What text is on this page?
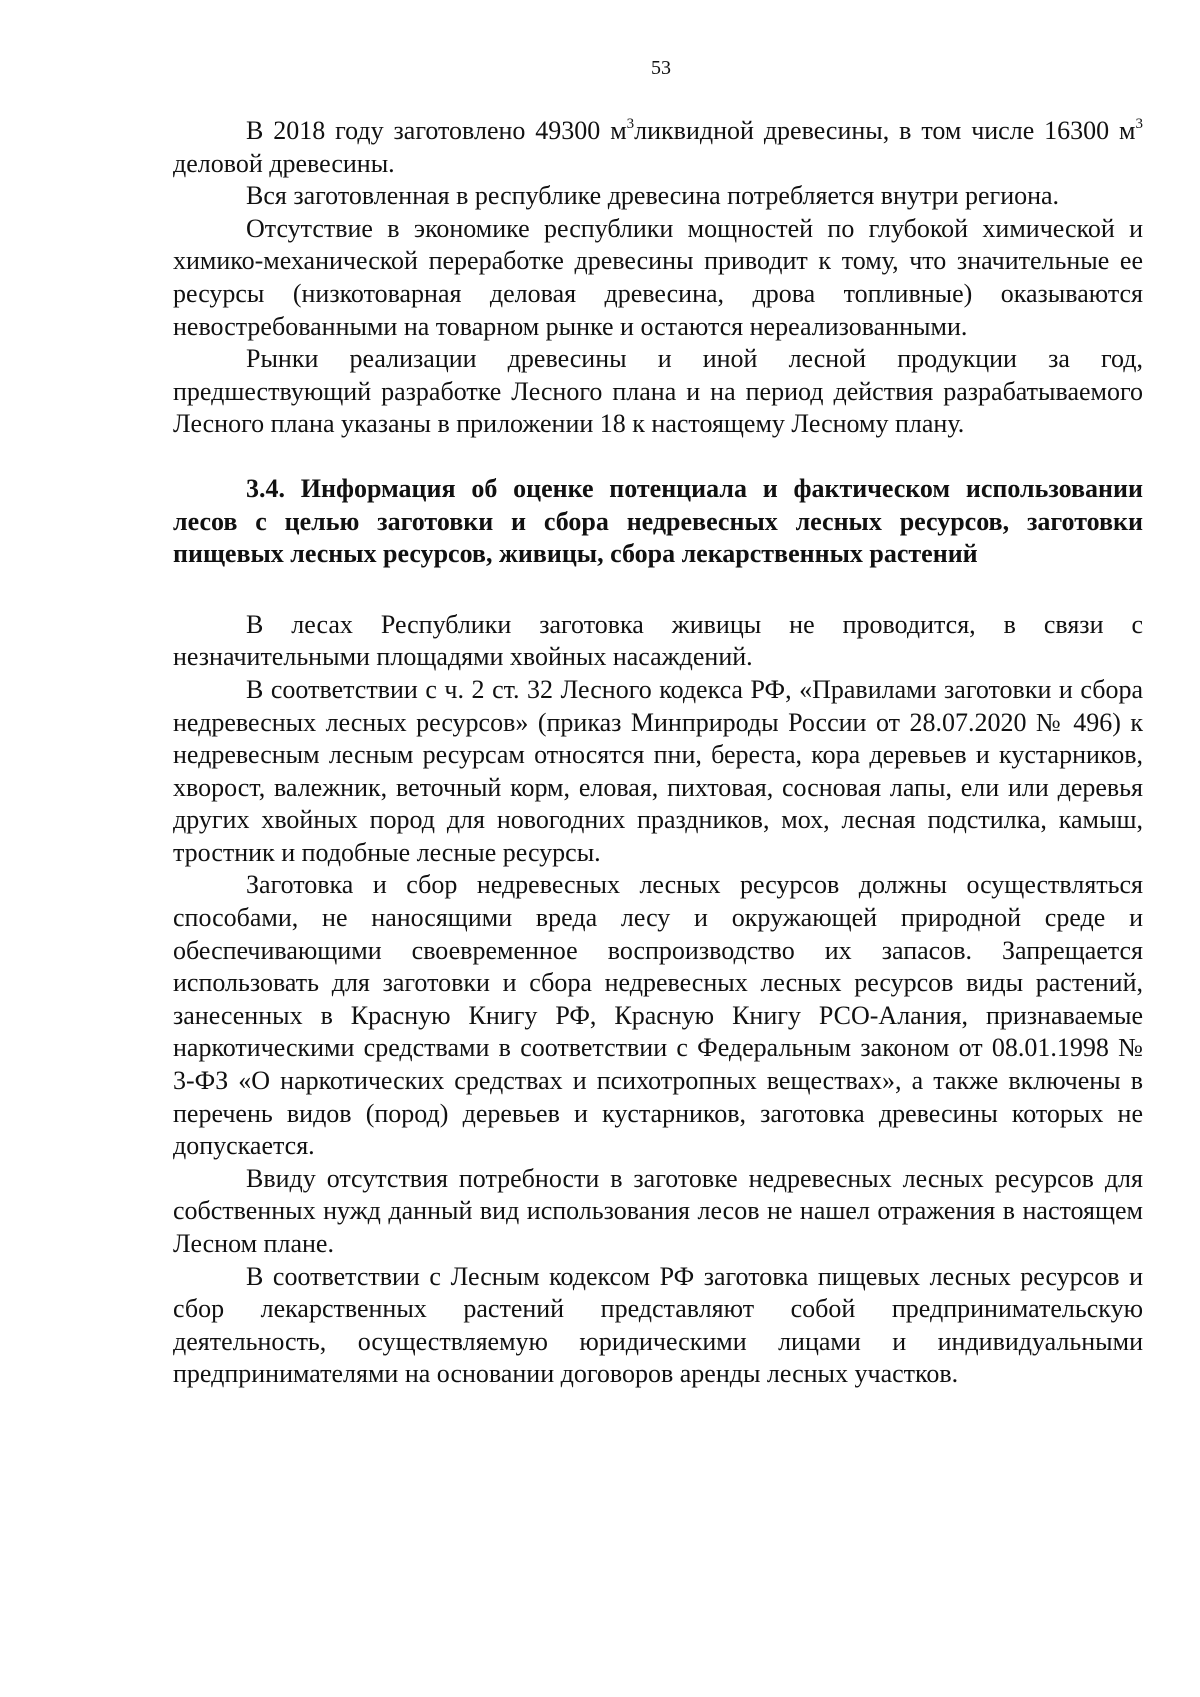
53

В 2018 году заготовлено 49300 $м^3ликвидной$ древесины, в том числе 16300 $м^3$ деловой древесины.

Вся заготовленная в республике древесина потребляется внутри региона.

Отсутствие в экономике республики мощностей по глубокой химической и химико-механической переработке древесины приводит к тому, что значительные ее ресурсы (низкотоварная деловая древесина, дрова топливные) оказываются невостребованными на товарном рынке и остаются нереализованными.

Рынки реализации древесины и иной лесной продукции за год, предшествующий разработке Лесного плана и на период действия разрабатываемого Лесного плана указаны в приложении 18 к настоящему Лесному плану.

3.4. Информация об оценке потенциала и фактическом использовании лесов с целью заготовки и сбора недревесных лесных ресурсов, заготовки пищевых лесных ресурсов, живицы, сбора лекарственных растений

В лесах Республики заготовка живицы не проводится, в связи с незначительными площадями хвойных насаждений.

В соответствии с ч. 2 ст. 32 Лесного кодекса РФ, «Правилами заготовки и сбора недревесных лесных ресурсов» (приказ Минприроды России от 28.07.2020 № 496) к недревесным лесным ресурсам относятся пни, береста, кора деревьев и кустарников, хворост, валежник, веточный корм, еловая, пихтовая, сосновая лапы, ели или деревья других хвойных пород для новогодних праздников, мох, лесная подстилка, камыш, тростник и подобные лесные ресурсы.

Заготовка и сбор недревесных лесных ресурсов должны осуществляться способами, не наносящими вреда лесу и окружающей природной среде и обеспечивающими своевременное воспроизводство их запасов. Запрещается использовать для заготовки и сбора недревесных лесных ресурсов виды растений, занесенных в Красную Книгу РФ, Красную Книгу РСО-Алания, признаваемые наркотическими средствами в соответствии с Федеральным законом от 08.01.1998 № 3-ФЗ «О наркотических средствах и психотропных веществах», а также включены в перечень видов (пород) деревьев и кустарников, заготовка древесины которых не допускается.

Ввиду отсутствия потребности в заготовке недревесных лесных ресурсов для собственных нужд данный вид использования лесов не нашел отражения в настоящем Лесном плане.

В соответствии с Лесным кодексом РФ заготовка пищевых лесных ресурсов и сбор лекарственных растений представляют собой предпринимательскую деятельность, осуществляемую юридическими лицами и индивидуальными предпринимателями на основании договоров аренды лесных участков.
